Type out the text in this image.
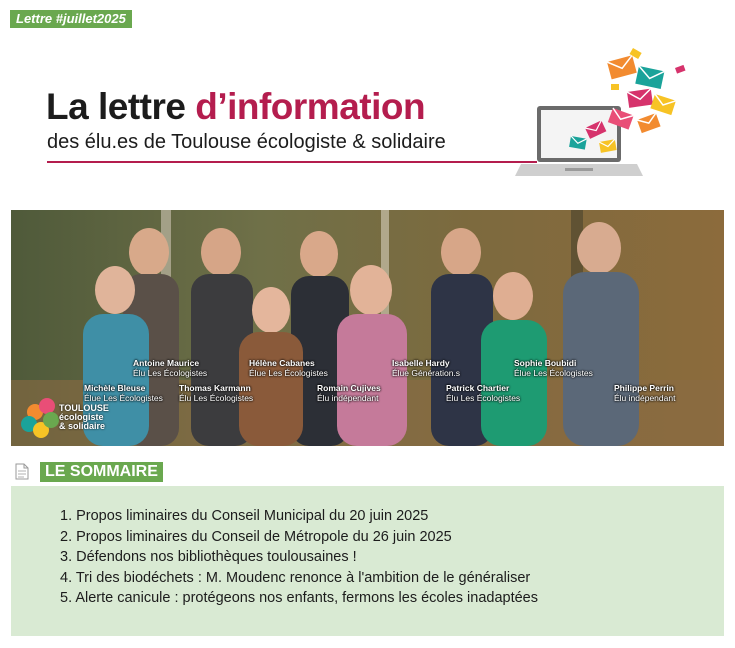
Lettre #juillet2025
La lettre d’information
des élu.es de Toulouse écologiste & solidaire
Antoine Maurice
Élu Les Écologistes
Hélène Cabanes
Élue Les Écologistes
Isabelle Hardy
Élue Génération.s
Sophie Boubidi
Élue Les Écologistes
Michèle Bleuse
Élue Les Écologistes
Thomas Karmann
Élu Les Écologistes
Romain Cujives
Élu indépendant
Patrick Chartier
Élu Les Écologistes
Philippe Perrin
Élu indépendant
TOULOUSE
écologiste
& solidaire
LE SOMMAIRE
1. Propos liminaires du Conseil Municipal du 20 juin 2025
2. Propos liminaires du Conseil de Métropole du 26 juin 2025
3. Défendons nos bibliothèques toulousaines !
4. Tri des biodéchets : M. Moudenc renonce à l'ambition de le généraliser
5. Alerte canicule : protégeons nos enfants, fermons les écoles inadaptées
